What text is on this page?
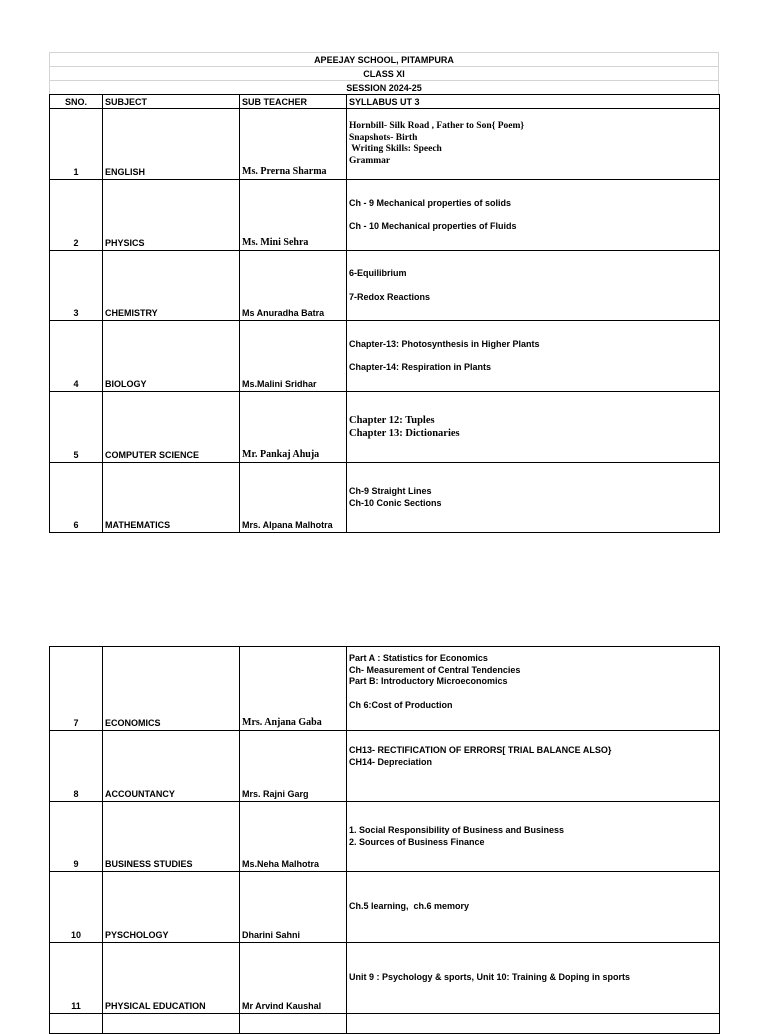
APEEJAY SCHOOL, PITAMPURA
CLASS XI
SESSION 2024-25
SNO.	SUBJECT	SUB TEACHER	SYLLABUS UT 3
1	ENGLISH	Ms. Prerna Sharma	Hornbill- Silk Road , Father to Son{ Poem}
Snapshots- Birth
Writing Skills: Speech
Grammar

2	PHYSICS	Ms. Mini Sehra	Ch - 9 Mechanical properties of solids
Ch - 10 Mechanical properties of Fluids

3	CHEMISTRY	Ms Anuradha Batra	6-Equilibrium
7-Redox Reactions

4	BIOLOGY	Ms.Malini Sridhar	Chapter-13: Photosynthesis in Higher Plants
Chapter-14: Respiration in Plants

5	COMPUTER SCIENCE	Mr. Pankaj Ahuja	Chapter 12: Tuples
Chapter 13: Dictionaries

6	MATHEMATICS	Mrs. Alpana Malhotra	Ch-9 Straight Lines
Ch-10 Conic Sections
7	ECONOMICS	Mrs. Anjana Gaba	Part A : Statistics for Economics
Ch- Measurement of Central Tendencies
Part B: Introductory Microeconomics
Ch 6:Cost of Production

8	ACCOUNTANCY	Mrs. Rajni Garg	CH13- RECTIFICATION OF ERRORS[ TRIAL BALANCE ALSO}
CH14- Depreciation

9	BUSINESS STUDIES	Ms.Neha Malhotra	1. Social Responsibility of Business and Business
2. Sources of Business Finance

10	PYSCHOLOGY	Dharini Sahni	Ch.5 learning,  ch.6 memory

11	PHYSICAL EDUCATION	Mr Arvind Kaushal	Unit 9 : Psychology & sports, Unit 10: Training & Doping in sports
